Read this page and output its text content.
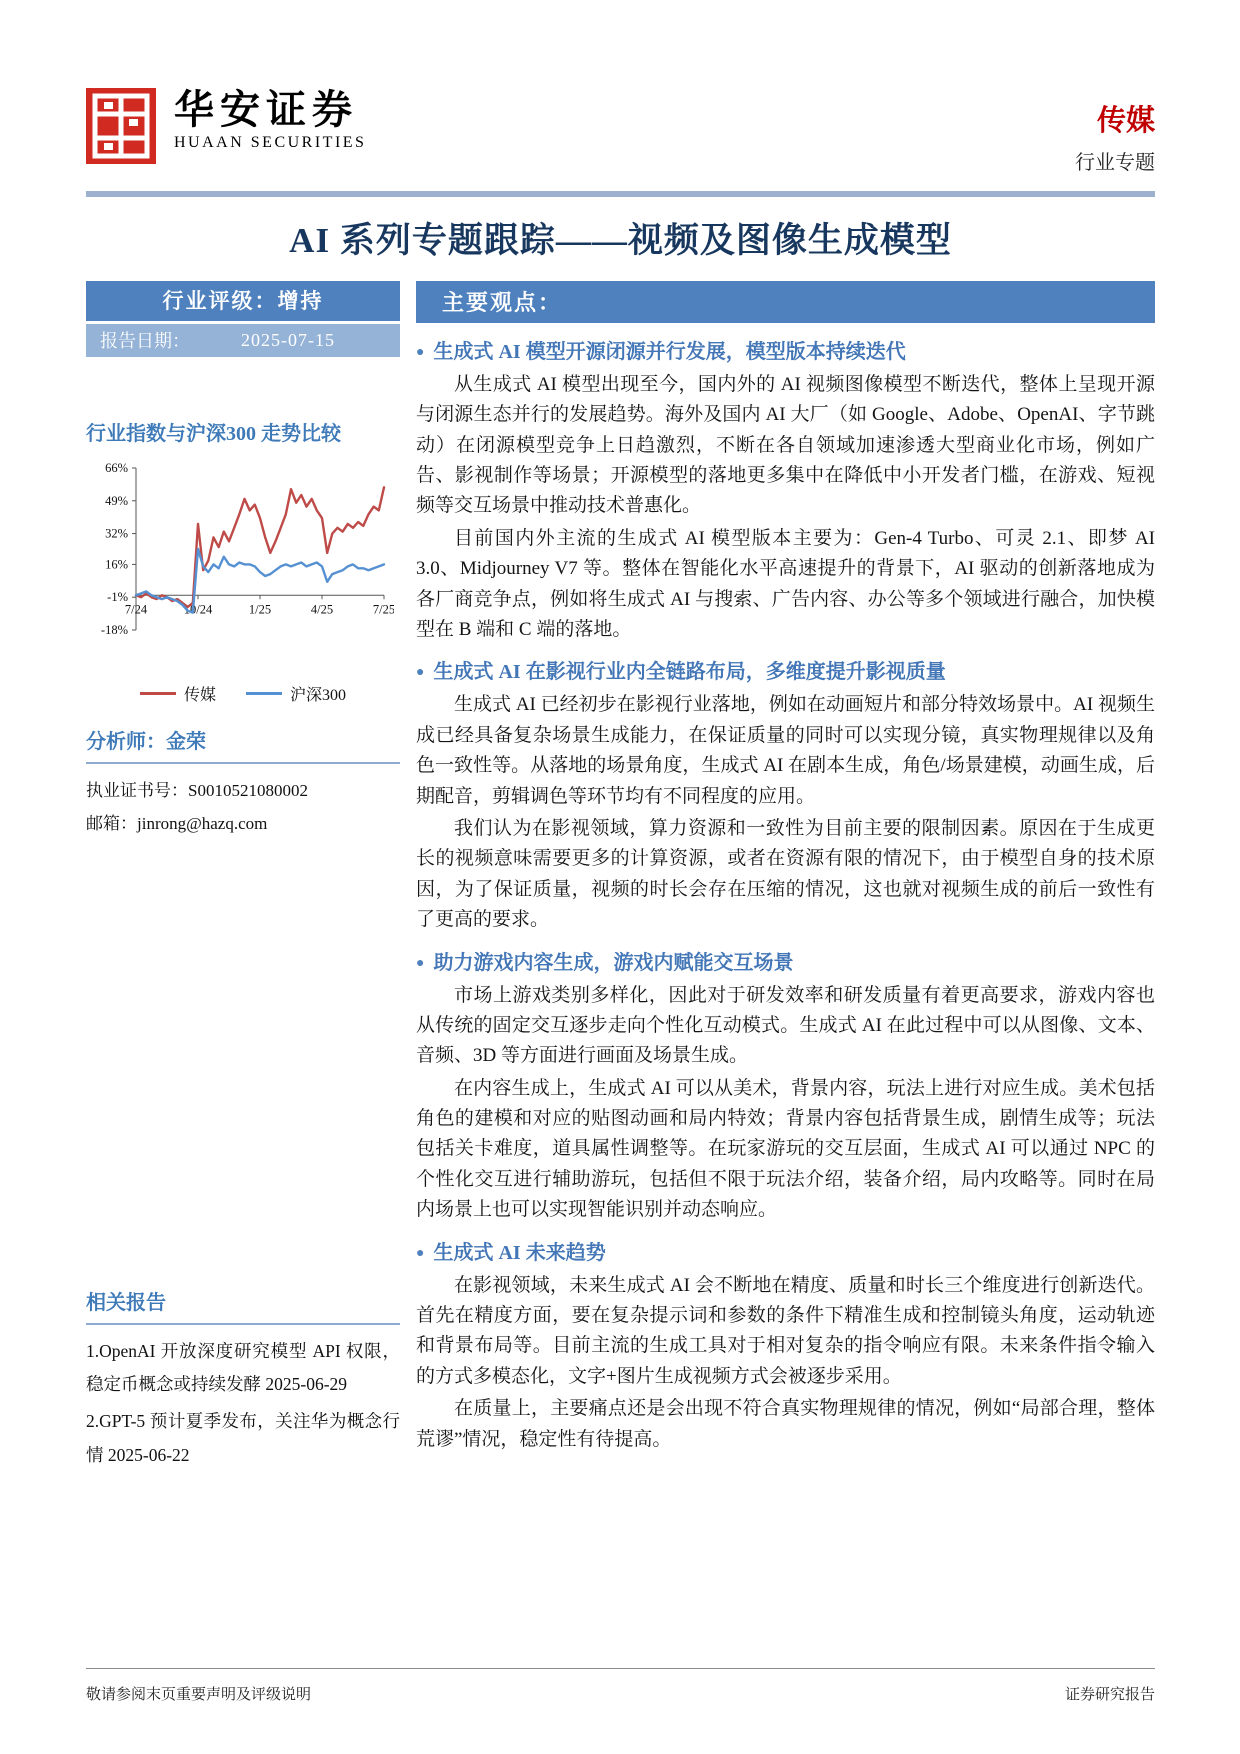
华安证券
HUAAN SECURITIES
传媒
行业专题
AI 系列专题跟踪——视频及图像生成模型
行业评级：增持
报告日期：	2025-07-15
行业指数与沪深300 走势比较
66%
49%
32%
16%
-1%
-18%
7/24	10/24	1/25	4/25	7/25
传媒	沪深300
分析师：金荣
执业证书号：S0010521080002
邮箱：jinrong@hazq.com
相关报告
1.OpenAI 开放深度研究模型 API 权限，稳定币概念或持续发酵 2025-06-29
2.GPT-5 预计夏季发布，关注华为概念行情 2025-06-22
主要观点：
● 生成式 AI 模型开源闭源并行发展，模型版本持续迭代

从生成式 AI 模型出现至今，国内外的 AI 视频图像模型不断迭代，整体上呈现开源与闭源生态并行的发展趋势。海外及国内 AI 大厂（如 Google、Adobe、OpenAI、字节跳动）在闭源模型竞争上日趋激烈，不断在各自领域加速渗透大型商业化市场，例如广告、影视制作等场景；开源模型的落地更多集中在降低中小开发者门槛，在游戏、短视频等交互场景中推动技术普惠化。

目前国内外主流的生成式 AI 模型版本主要为：Gen-4 Turbo、可灵 2.1、即梦 AI 3.0、Midjourney V7 等。整体在智能化水平高速提升的背景下，AI 驱动的创新落地成为各厂商竞争点，例如将生成式 AI 与搜索、广告内容、办公等多个领域进行融合，加快模型在 B 端和 C 端的落地。

● 生成式 AI 在影视行业内全链路布局，多维度提升影视质量

生成式 AI 已经初步在影视行业落地，例如在动画短片和部分特效场景中。AI 视频生成已经具备复杂场景生成能力，在保证质量的同时可以实现分镜，真实物理规律以及角色一致性等。从落地的场景角度，生成式 AI 在剧本生成，角色/场景建模，动画生成，后期配音，剪辑调色等环节均有不同程度的应用。

我们认为在影视领域，算力资源和一致性为目前主要的限制因素。原因在于生成更长的视频意味需要更多的计算资源，或者在资源有限的情况下，由于模型自身的技术原因，为了保证质量，视频的时长会存在压缩的情况，这也就对视频生成的前后一致性有了更高的要求。

● 助力游戏内容生成，游戏内赋能交互场景

市场上游戏类别多样化，因此对于研发效率和研发质量有着更高要求，游戏内容也从传统的固定交互逐步走向个性化互动模式。生成式 AI 在此过程中可以从图像、文本、音频、3D 等方面进行画面及场景生成。

在内容生成上，生成式 AI 可以从美术，背景内容，玩法上进行对应生成。美术包括角色的建模和对应的贴图动画和局内特效；背景内容包括背景生成，剧情生成等；玩法包括关卡难度，道具属性调整等。在玩家游玩的交互层面，生成式 AI 可以通过 NPC 的个性化交互进行辅助游玩，包括但不限于玩法介绍，装备介绍，局内攻略等。同时在局内场景上也可以实现智能识别并动态响应。

● 生成式 AI 未来趋势

在影视领域，未来生成式 AI 会不断地在精度、质量和时长三个维度进行创新迭代。首先在精度方面，要在复杂提示词和参数的条件下精准生成和控制镜头角度，运动轨迹和背景布局等。目前主流的生成工具对于相对复杂的指令响应有限。未来条件指令输入的方式多模态化，文字+图片生成视频方式会被逐步采用。

在质量上，主要痛点还是会出现不符合真实物理规律的情况，例如“局部合理，整体荒谬”情况，稳定性有待提高。

敬请参阅末页重要声明及评级说明	证券研究报告
